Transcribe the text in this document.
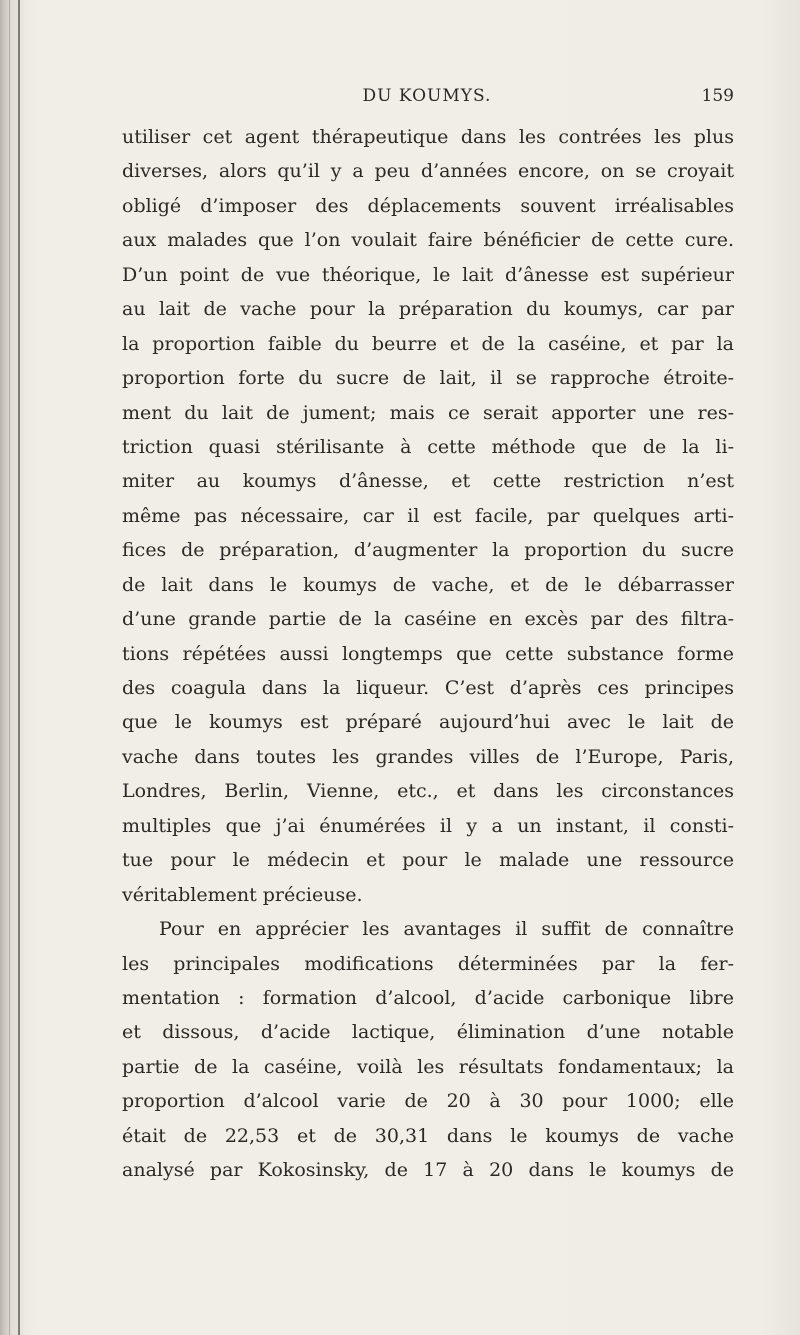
DU KOUMYS.	159
utiliser cet agent thérapeutique dans les contrées les plus
diverses, alors qu’il y a peu d’années encore, on se croyait
obligé d’imposer des déplacements souvent irréalisables
aux malades que l’on voulait faire bénéficier de cette cure.
D’un point de vue théorique, le lait d’ânesse est supérieur
au lait de vache pour la préparation du koumys, car par
la proportion faible du beurre et de la caséine, et par la
proportion forte du sucre de lait, il se rapproche étroite-
ment du lait de jument; mais ce serait apporter une res-
triction quasi stérilisante à cette méthode que de la li-
miter au koumys d’ânesse, et cette restriction n’est
même pas nécessaire, car il est facile, par quelques arti-
fices de préparation, d’augmenter la proportion du sucre
de lait dans le koumys de vache, et de le débarrasser
d’une grande partie de la caséine en excès par des filtra-
tions répétées aussi longtemps que cette substance forme
des coagula dans la liqueur. C’est d’après ces principes
que le koumys est préparé aujourd’hui avec le lait de
vache dans toutes les grandes villes de l’Europe, Paris,
Londres, Berlin, Vienne, etc., et dans les circonstances
multiples que j’ai énumérées il y a un instant, il consti-
tue pour le médecin et pour le malade une ressource
véritablement précieuse.
Pour en apprécier les avantages il suffit de connaître
les principales modifications déterminées par la fer-
mentation : formation d’alcool, d’acide carbonique libre
et dissous, d’acide lactique, élimination d’une notable
partie de la caséine, voilà les résultats fondamentaux; la
proportion d’alcool varie de 20 à 30 pour 1000; elle
était de 22,53 et de 30,31 dans le koumys de vache
analysé par Kokosinsky, de 17 à 20 dans le koumys de
